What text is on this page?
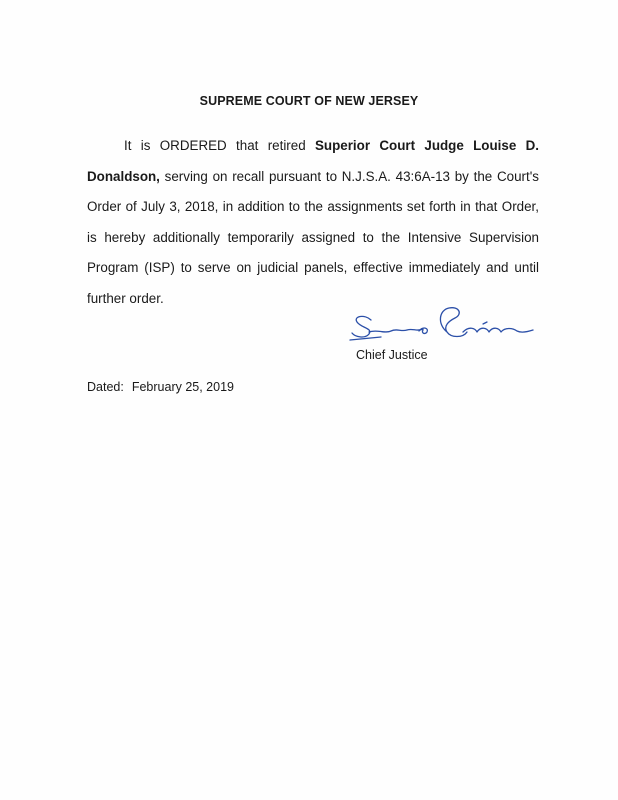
SUPREME COURT OF NEW JERSEY
It is ORDERED that retired Superior Court Judge Louise D. Donaldson, serving on recall pursuant to N.J.S.A. 43:6A-13 by the Court's Order of July 3, 2018, in addition to the assignments set forth in that Order, is hereby additionally temporarily assigned to the Intensive Supervision Program (ISP) to serve on judicial panels, effective immediately and until further order.
Chief Justice
Dated: February 25, 2019
